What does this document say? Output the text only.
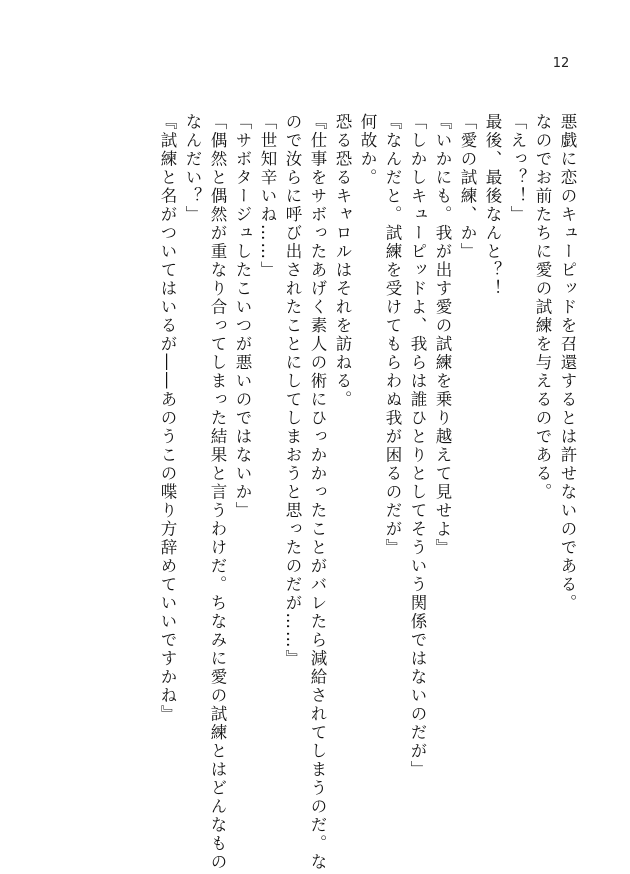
12

悪戯に恋のキューピッドを召還するとは許せないのである。

なのでお前たちに愛の試練を与えるのである。

「えっ？！」

最後、最後なんと？！

「愛の試練、か」

『いかにも。我が出す愛の試練を乗り越えて見せよ』

「しかしキューピッドよ、我らは誰ひとりとしてそういう関係ではないのだが」

『なんだと。試練を受けてもらわぬ我が困るのだが』

何故か。

恐る恐るキャロルはそれを訪ねる。

『仕事をサボったあげく素人の術にひっかかったことがバレたら減給されてしまうのだ。な

ので汝らに呼び出されたことにしてしまおうと思ったのだが……』

「世知辛いね……」

「サボタージュしたこいつが悪いのではないか」

「偶然と偶然が重なり合ってしまった結果と言うわけだ。ちなみに愛の試練とはどんなもの

なんだい？」

『試練と名がついてはいるが――あのうこの喋り方辞めていいですかね』
